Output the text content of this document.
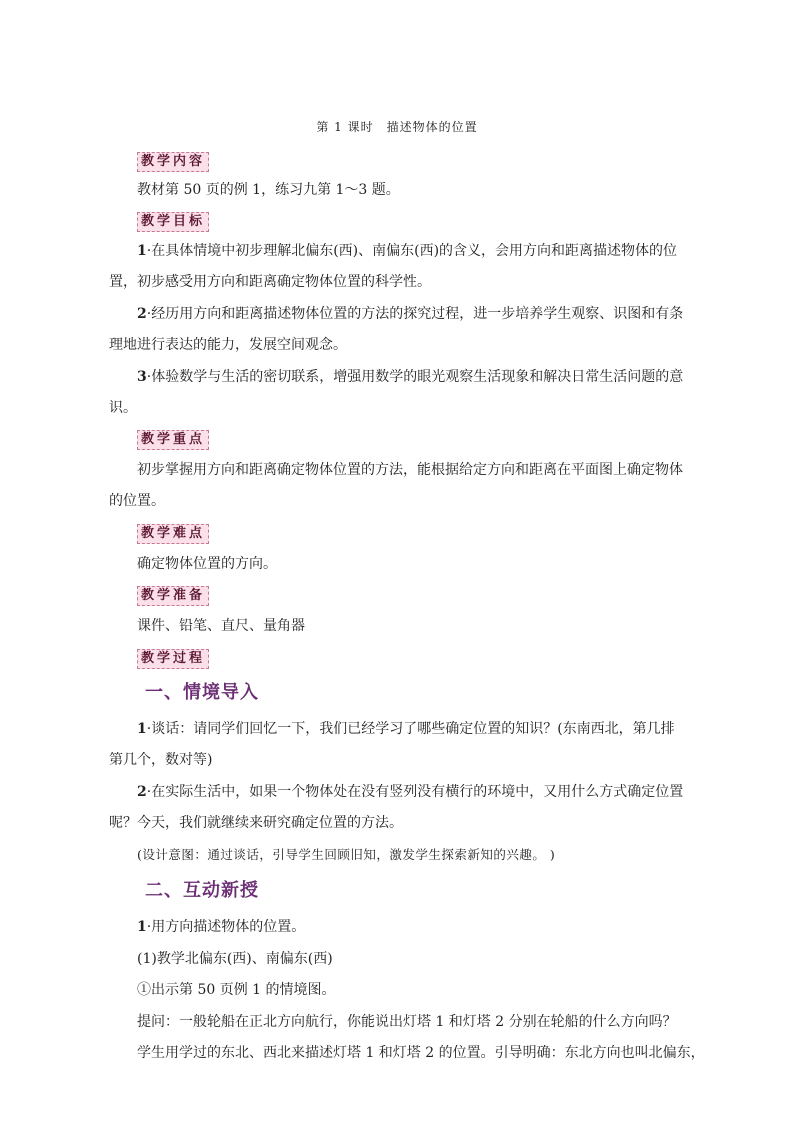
第 1 课时　描述物体的位置
教学内容
教材第 50 页的例 1，练习九第 1～3 题。
教学目标
1·在具体情境中初步理解北偏东(西)、南偏东(西)的含义，会用方向和距离描述物体的位
置，初步感受用方向和距离确定物体位置的科学性。
2·经历用方向和距离描述物体位置的方法的探究过程，进一步培养学生观察、识图和有条
理地进行表达的能力，发展空间观念。
3·体验数学与生活的密切联系，增强用数学的眼光观察生活现象和解决日常生活问题的意
识。
教学重点
初步掌握用方向和距离确定物体位置的方法，能根据给定方向和距离在平面图上确定物体
的位置。
教学难点
确定物体位置的方向。
教学准备
课件、铅笔、直尺、量角器
教学过程
一、情境导入
1·谈话：请同学们回忆一下，我们已经学习了哪些确定位置的知识？(东南西北，第几排
第几个，数对等)
2·在实际生活中，如果一个物体处在没有竖列没有横行的环境中，又用什么方式确定位置
呢？今天，我们就继续来研究确定位置的方法。
(设计意图：通过谈话，引导学生回顾旧知，激发学生探索新知的兴趣。 )
二、互动新授
1·用方向描述物体的位置。
(1)教学北偏东(西)、南偏东(西)
①出示第 50 页例 1 的情境图。
提问：一般轮船在正北方向航行，你能说出灯塔 1 和灯塔 2 分别在轮船的什么方向吗？
学生用学过的东北、西北来描述灯塔 1 和灯塔 2 的位置。引导明确：东北方向也叫北偏东，
